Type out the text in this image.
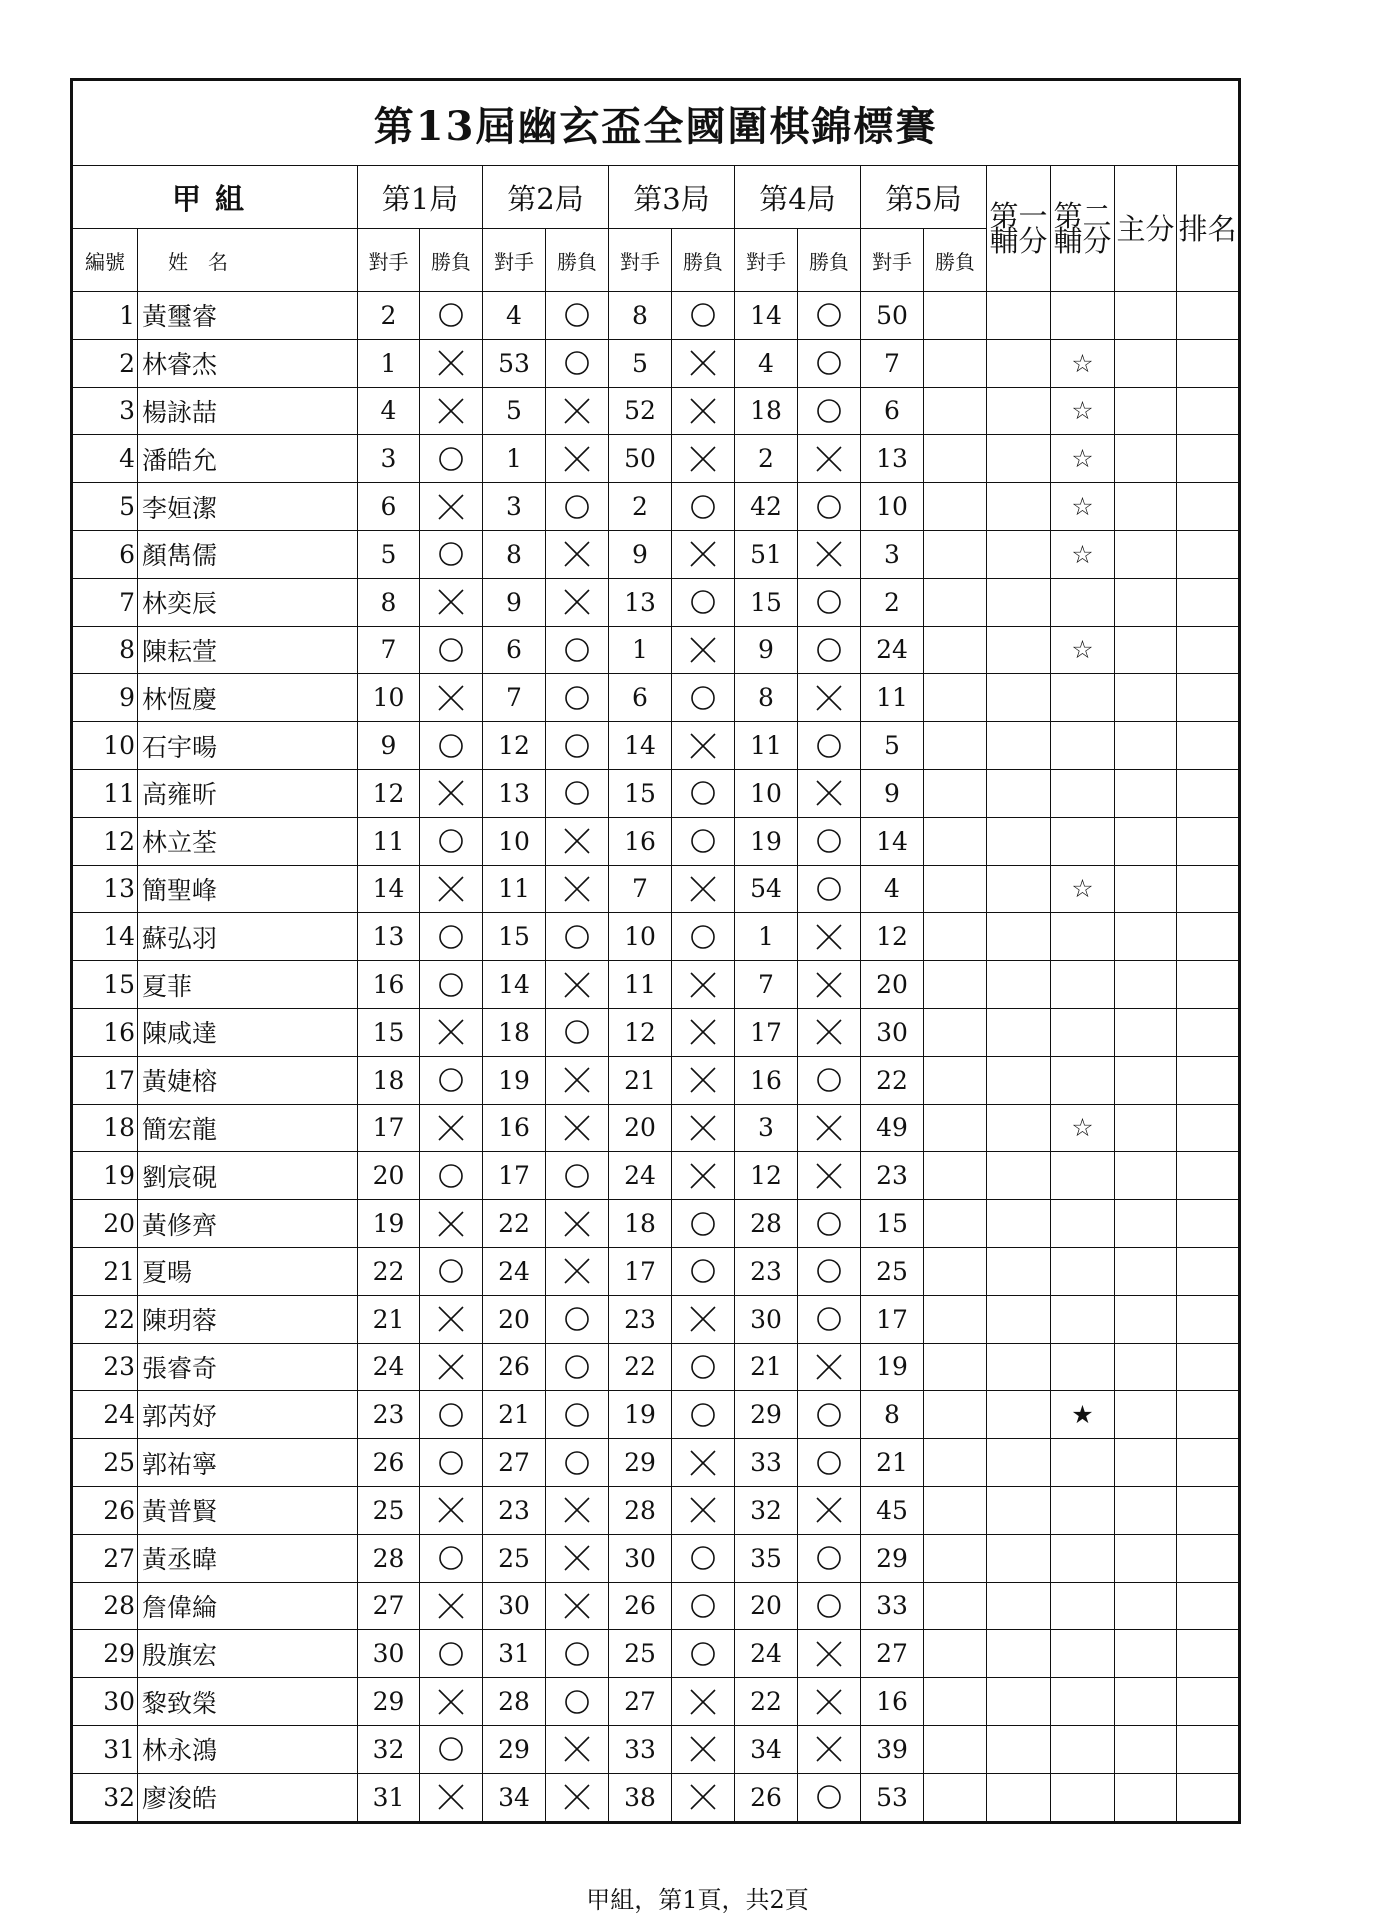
第13屆幽玄盃全國圍棋錦標賽															
甲組		第1局		第2局		第3局		第4局		第5局		第一輔分	第二輔分	主分	排名
編號	姓　名	對手	勝負	對手	勝負	對手	勝負	對手	勝負	對手	勝負				
1	黃璽睿	2		4		8		14		50					
2	林睿杰	1		53		5		4		7			☆		
3	楊詠喆	4		5		52		18		6			☆		
4	潘皓允	3		1		50		2		13			☆		
5	李姮潔	6		3		2		42		10			☆		
6	顏雋儒	5		8		9		51		3			☆		
7	林奕辰	8		9		13		15		2					
8	陳耘萱	7		6		1		9		24			☆		
9	林恆慶	10		7		6		8		11					
10	石宇暘	9		12		14		11		5					
11	高雍昕	12		13		15		10		9					
12	林立荃	11		10		16		19		14					
13	簡聖峰	14		11		7		54		4			☆		
14	蘇弘羽	13		15		10		1		12					
15	夏菲	16		14		11		7		20					
16	陳咸達	15		18		12		17		30					
17	黃婕榕	18		19		21		16		22					
18	簡宏龍	17		16		20		3		49			☆		
19	劉宸硯	20		17		24		12		23					
20	黃修齊	19		22		18		28		15					
21	夏暘	22		24		17		23		25					
22	陳玥蓉	21		20		23		30		17					
23	張睿奇	24		26		22		21		19					
24	郭芮妤	23		21		19		29		8			★		
25	郭祐寧	26		27		29		33		21					
26	黃普賢	25		23		28		32		45					
27	黃丞暐	28		25		30		35		29					
28	詹偉綸	27		30		26		20		33					
29	殷旗宏	30		31		25		24		27					
30	黎致榮	29		28		27		22		16					
31	林永鴻	32		29		33		34		39					
32	廖浚皓	31		34		38		26		53					
甲組，第1頁，共2頁
